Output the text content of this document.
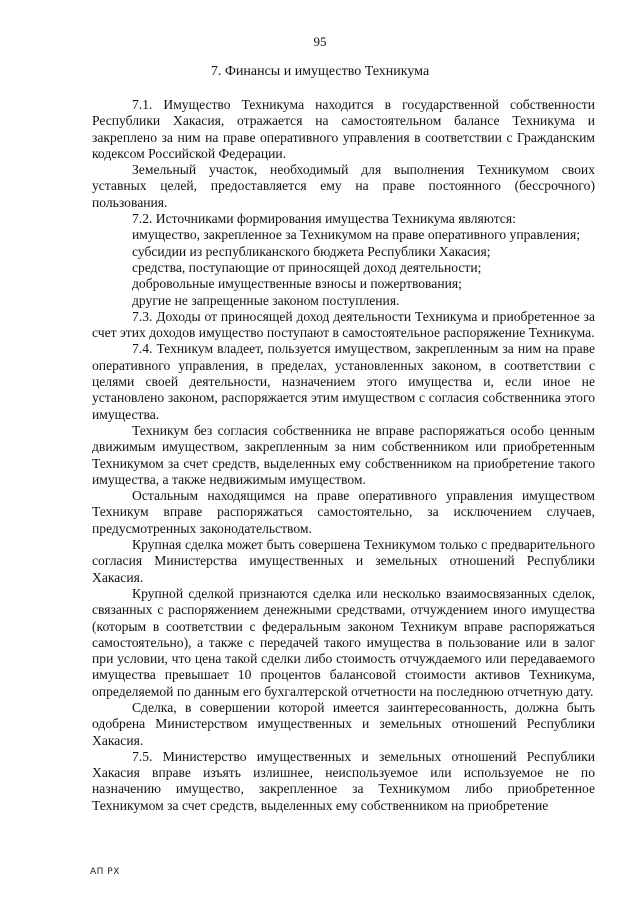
95
7. Финансы и имущество Техникума

7.1. Имущество Техникума находится в государственной собственности Республики Хакасия, отражается на самостоятельном балансе Техникума и закреплено за ним на праве оперативного управления в соответствии с Гражданским кодексом Российской Федерации.

Земельный участок, необходимый для выполнения Техникумом своих уставных целей, предоставляется ему на праве постоянного (бессрочного) пользования.

7.2. Источниками формирования имущества Техникума являются:

имущество, закрепленное за Техникумом на праве оперативного управления;

субсидии из республиканского бюджета Республики Хакасия;

средства, поступающие от приносящей доход деятельности;

добровольные имущественные взносы и пожертвования;

другие не запрещенные законом поступления.

7.3. Доходы от приносящей доход деятельности Техникума и приобретенное за счет этих доходов имущество поступают в самостоятельное распоряжение Техникума.

7.4. Техникум владеет, пользуется имуществом, закрепленным за ним на праве оперативного управления, в пределах, установленных законом, в соответствии с целями своей деятельности, назначением этого имущества и, если иное не установлено законом, распоряжается этим имуществом с согласия собственника этого имущества.

Техникум без согласия собственника не вправе распоряжаться особо ценным движимым имуществом, закрепленным за ним собственником или приобретенным Техникумом за счет средств, выделенных ему собственником на приобретение такого имущества, а также недвижимым имуществом.

Остальным находящимся на праве оперативного управления имуществом Техникум вправе распоряжаться самостоятельно, за исключением случаев, предусмотренных законодательством.

Крупная сделка может быть совершена Техникумом только с предварительного согласия Министерства имущественных и земельных отношений Республики Хакасия.

Крупной сделкой признаются сделка или несколько взаимосвязанных сделок, связанных с распоряжением денежными средствами, отчуждением иного имущества (которым в соответствии с федеральным законом Техникум вправе распоряжаться самостоятельно), а также с передачей такого имущества в пользование или в залог при условии, что цена такой сделки либо стоимость отчуждаемого или передаваемого имущества превышает 10 процентов балансовой стоимости активов Техникума, определяемой по данным его бухгалтерской отчетности на последнюю отчетную дату.

Сделка, в совершении которой имеется заинтересованность, должна быть одобрена Министерством имущественных и земельных отношений Республики Хакасия.

7.5. Министерство имущественных и земельных отношений Республики Хакасия вправе изъять излишнее, неиспользуемое или используемое не по назначению имущество, закрепленное за Техникумом либо приобретенное Техникумом за счет средств, выделенных ему собственником на приобретение

АП РХ
